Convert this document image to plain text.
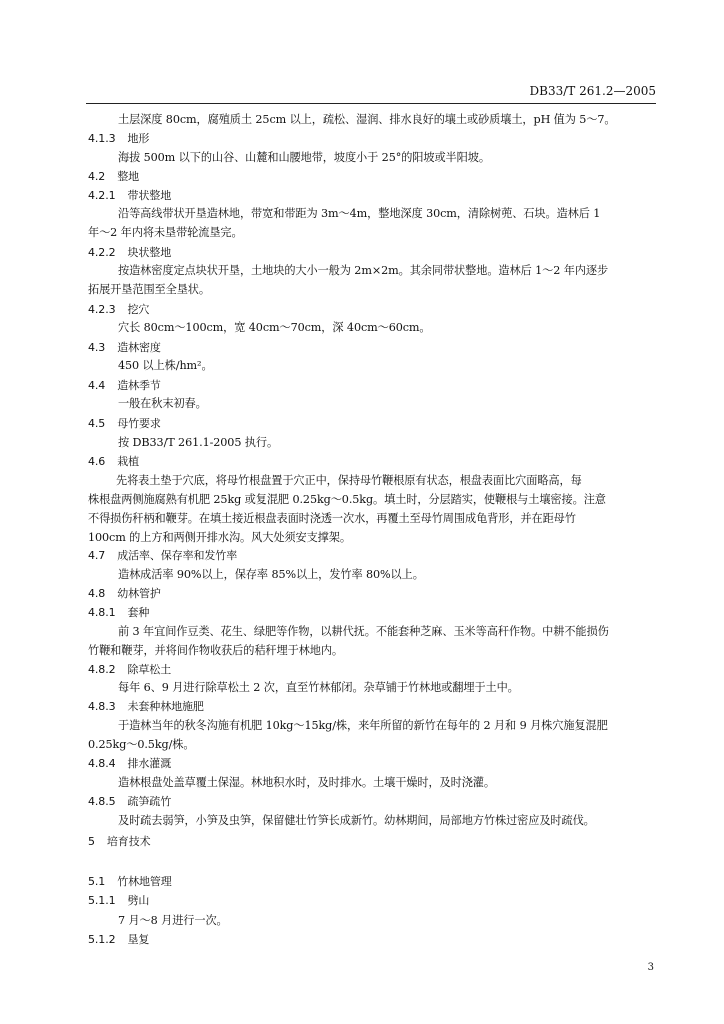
DB33/T 261.2—2005
土层深度 80cm，腐殖质土 25cm 以上，疏松、湿润、排水良好的壤土或砂质壤土，pH 值为 5～7。
4.1.3 地形
海拔 500m 以下的山谷、山麓和山腰地带，坡度小于 25°的阳坡或半阳坡。
4.2 整地
4.2.1 带状整地
沿等高线带状开垦造林地，带宽和带距为 3m～4m，整地深度 30cm，清除树蔸、石块。造林后 1
年～2 年内将未垦带轮流垦完。
4.2.2 块状整地
按造林密度定点块状开垦，土地块的大小一般为 2m×2m。其余同带状整地。造林后 1～2 年内逐步
拓展开垦范围至全垦状。
4.2.3 挖穴
穴长 80cm～100cm，宽 40cm～70cm，深 40cm～60cm。
4.3 造林密度
450 以上株/hm²。
4.4 造林季节
一般在秋末初春。
4.5 母竹要求
按 DB33/T 261.1-2005 执行。
4.6 栽植
先将表土垫于穴底，将母竹根盘置于穴正中，保持母竹鞭根原有状态，根盘表面比穴面略高，每
株根盘两侧施腐熟有机肥 25kg 或复混肥 0.25kg～0.5kg。填土时，分层踏实，使鞭根与土壤密接。注意
不得损伤秆柄和鞭芽。在填土接近根盘表面时浇透一次水，再覆土至母竹周围成龟背形，并在距母竹
100cm 的上方和两侧开排水沟。风大处须安支撑架。
4.7 成活率、保存率和发竹率
造林成活率 90%以上，保存率 85%以上，发竹率 80%以上。
4.8 幼林管护
4.8.1 套种
前 3 年宜间作豆类、花生、绿肥等作物，以耕代抚。不能套种芝麻、玉米等高秆作物。中耕不能损伤
竹鞭和鞭芽，并将间作物收获后的秸秆埋于林地内。
4.8.2 除草松土
每年 6、9 月进行除草松土 2 次，直至竹林郁闭。杂草铺于竹林地或翻埋于土中。
4.8.3 未套种林地施肥
于造林当年的秋冬沟施有机肥 10kg～15kg/株，来年所留的新竹在每年的 2 月和 9 月株穴施复混肥
0.25kg～0.5kg/株。
4.8.4 排水灌溉
造林根盘处盖草覆土保湿。林地积水时，及时排水。土壤干燥时，及时浇灌。
4.8.5 疏笋疏竹
及时疏去弱笋，小笋及虫笋，保留健壮竹笋长成新竹。幼林期间，局部地方竹株过密应及时疏伐。
5 培育技术
5.1 竹林地管理
5.1.1 劈山
7 月～8 月进行一次。
5.1.2 垦复
3
